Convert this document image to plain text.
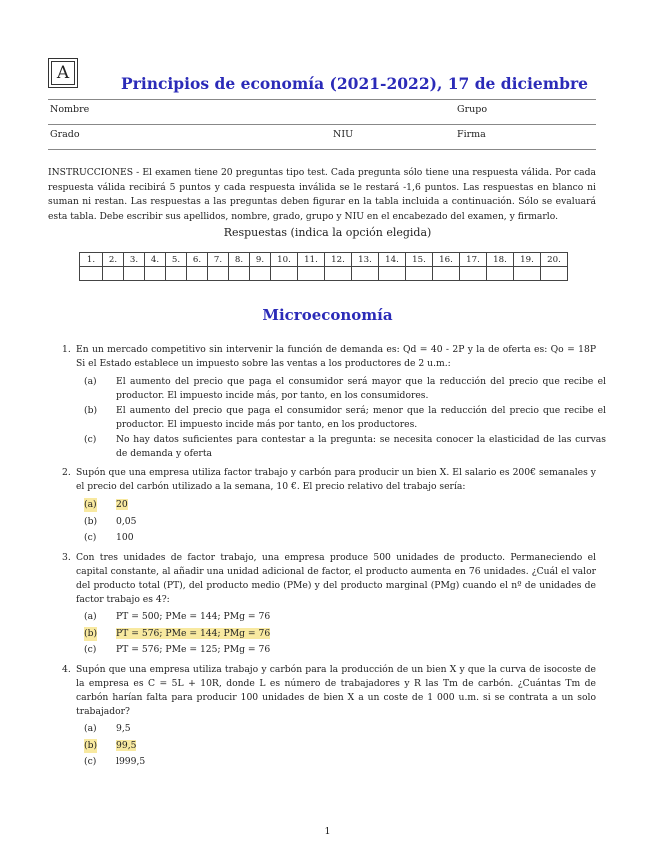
A
Principios de economía (2021-2022), 17 de diciembre
Nombre	Grupo
Grado	NIU	Firma
INSTRUCCIONES - El examen tiene 20 preguntas tipo test. Cada pregunta sólo tiene una respuesta válida. Por cada respuesta válida recibirá 5 puntos y cada respuesta inválida se le restará -1,6 puntos. Las respuestas en blanco ni suman ni restan. Las respuestas a las preguntas deben figurar en la tabla incluida a continuación. Sólo se evaluará esta tabla. Debe escribir sus apellidos, nombre, grado, grupo y NIU en el encabezado del examen, y firmarlo.
Respuestas (indica la opción elegida)
1.	2.	3.	4.	5.	6.	7.	8.	9.	10.	11.	12.	13.	14.	15.	16.	17.	18.	19.	20.

Microeconomía
1. En un mercado competitivo sin intervenir la función de demanda es: Qd = 40 - 2P y la de oferta es: Qo = 18P Si el Estado establece un impuesto sobre las ventas a los productores de 2 u.m.:
(a) El aumento del precio que paga el consumidor será mayor que la reducción del precio que recibe el productor. El impuesto incide más, por tanto, en los consumidores.
(b) El aumento del precio que paga el consumidor será; menor que la reducción del precio que recibe el productor. El impuesto incide más por tanto, en los productores.
(c) No hay datos suficientes para contestar a la pregunta: se necesita conocer la elasticidad de las curvas de demanda y oferta
2. Supón que una empresa utiliza factor trabajo y carbón para producir un bien X. El salario es 200€ semanales y el precio del carbón utilizado a la semana, 10 €. El precio relativo del trabajo sería:
(a) 20
(b) 0,05
(c) 100
3. Con tres unidades de factor trabajo, una empresa produce 500 unidades de producto. Permaneciendo el capital constante, al añadir una unidad adicional de factor, el producto aumenta en 76 unidades. ¿Cuál el valor del producto total (PT), del producto medio (PMe) y del producto marginal (PMg) cuando el nº de unidades de factor trabajo es 4?:
(a) PT = 500; PMe = 144; PMg = 76
(b) PT = 576; PMe = 144; PMg = 76
(c) PT = 576; PMe = 125; PMg = 76
4. Supón que una empresa utiliza trabajo y carbón para la producción de un bien X y que la curva de isocoste de la empresa es C = 5L + 10R, donde L es número de trabajadores y R las Tm de carbón. ¿Cuántas Tm de carbón harían falta para producir 100 unidades de bien X a un coste de 1 000 u.m. si se contrata a un solo trabajador?
(a) 9,5
(b) 99,5
(c) l999,5
1
